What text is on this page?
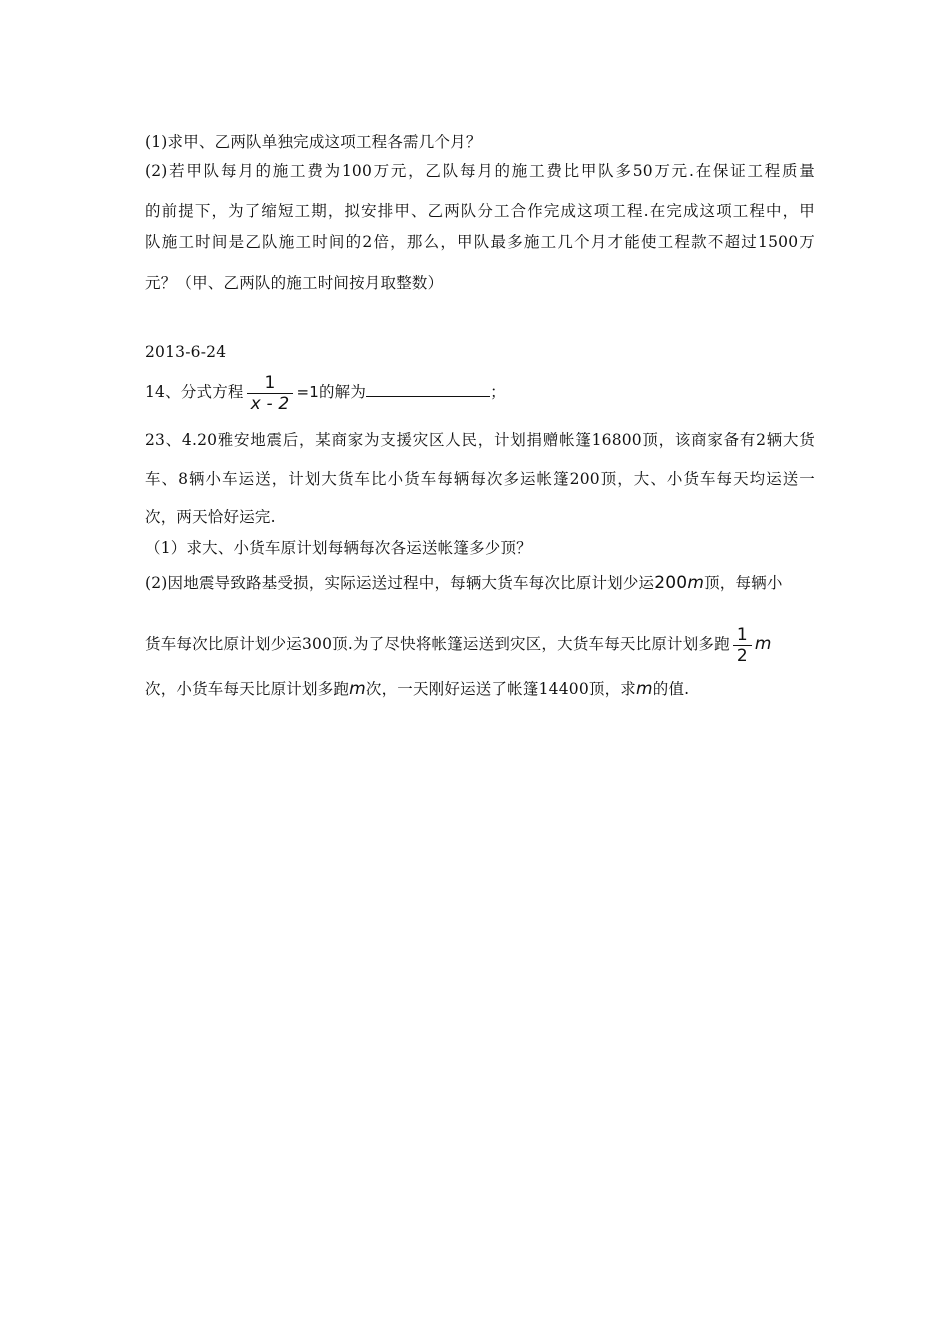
(1)求甲、乙两队单独完成这项工程各需几个月？
(2)若甲队每月的施工费为100万元，乙队每月的施工费比甲队多50万元.在保证工程质量
的前提下，为了缩短工期，拟安排甲、乙两队分工合作完成这项工程.在完成这项工程中，甲
队施工时间是乙队施工时间的2倍，那么，甲队最多施工几个月才能使工程款不超过1500万
元？（甲、乙两队的施工时间按月取整数）
2013-6-24
14、分式方程 $\frac{1}{x - 2} =1$的解为	；
23、4.20雅安地震后，某商家为支援灾区人民，计划捐赠帐篷16800顶，该商家备有2辆大货
车、8辆小车运送，计划大货车比小货车每辆每次多运帐篷200顶，大、小货车每天均运送一
次，两天恰好运完.
（1）求大、小货车原计划每辆每次各运送帐篷多少顶？
(2)因地震导致路基受损，实际运送过程中，每辆大货车每次比原计划少运200m顶，每辆小
货车每次比原计划少运300顶.为了尽快将帐篷运送到灾区，大货车每天比原计划多跑 $\frac{1}{2}$ m
次，小货车每天比原计划多跑m次，一天刚好运送了帐篷14400顶，求m的值.
